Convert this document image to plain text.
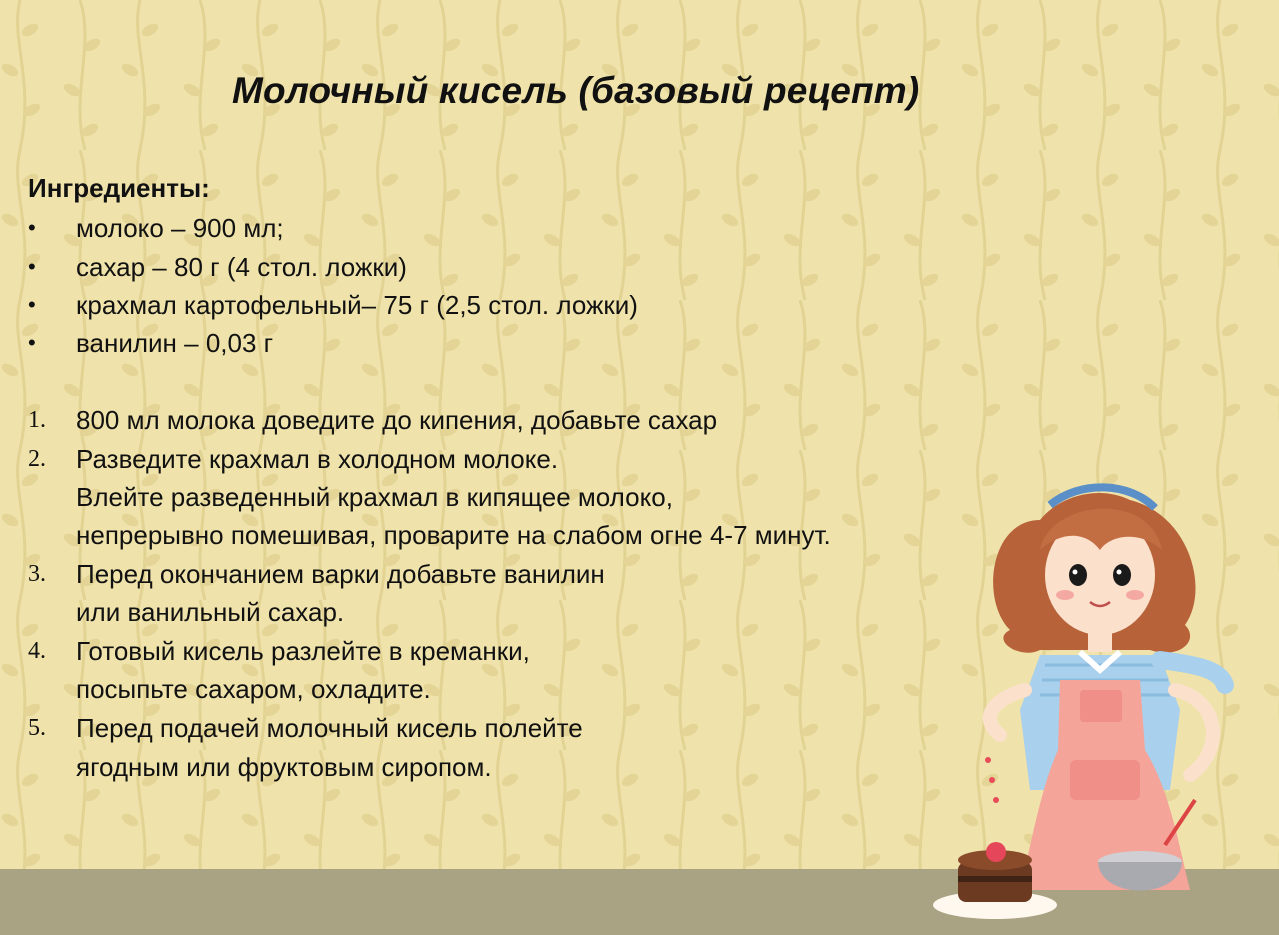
Молочный кисель (базовый рецепт)
Ингредиенты:
• молоко – 900 мл;
• сахар – 80 г (4 стол. ложки)
• крахмал картофельный– 75 г (2,5 стол. ложки)
• ванилин – 0,03 г
1. 800 мл молока доведите до кипения, добавьте сахар
2. Разведите крахмал в холодном молоке.
Влейте разведенный крахмал в кипящее молоко,
непрерывно помешивая, проварите на слабом огне 4-7 минут.
3. Перед окончанием варки добавьте ванилин
или ванильный сахар.
4. Готовый кисель разлейте в креманки,
посыпьте сахаром, охладите.
5. Перед подачей молочный кисель полейте
ягодным или фруктовым сиропом.
